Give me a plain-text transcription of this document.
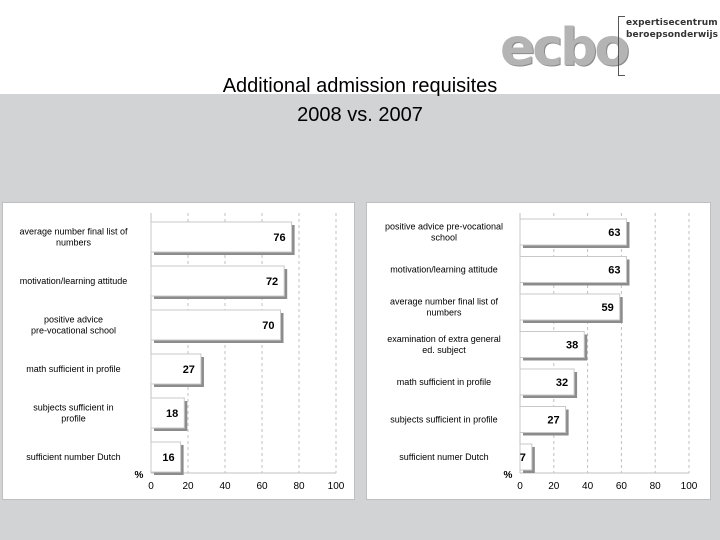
ecbo
expertisecentrum
beroepsonderwijs
Additional admission requisites
2008 vs. 2007
0	20	40	60	80 100
%
76
average number final list of numbers
72
motivation/learning attitude
70
positive advice pre-vocational school
27
math sufficient in profile
18
subjects sufficient in profile
16
sufficient number Dutch
0	20 40 60 80 100
%
63
positive advice pre-vocational school
63
motivation/learning attitude
59
average number final list of numbers
38
examination of extra general ed. subject
32
math sufficient in profile
27
subjects sufficient in profile
7
sufficient numer Dutch
